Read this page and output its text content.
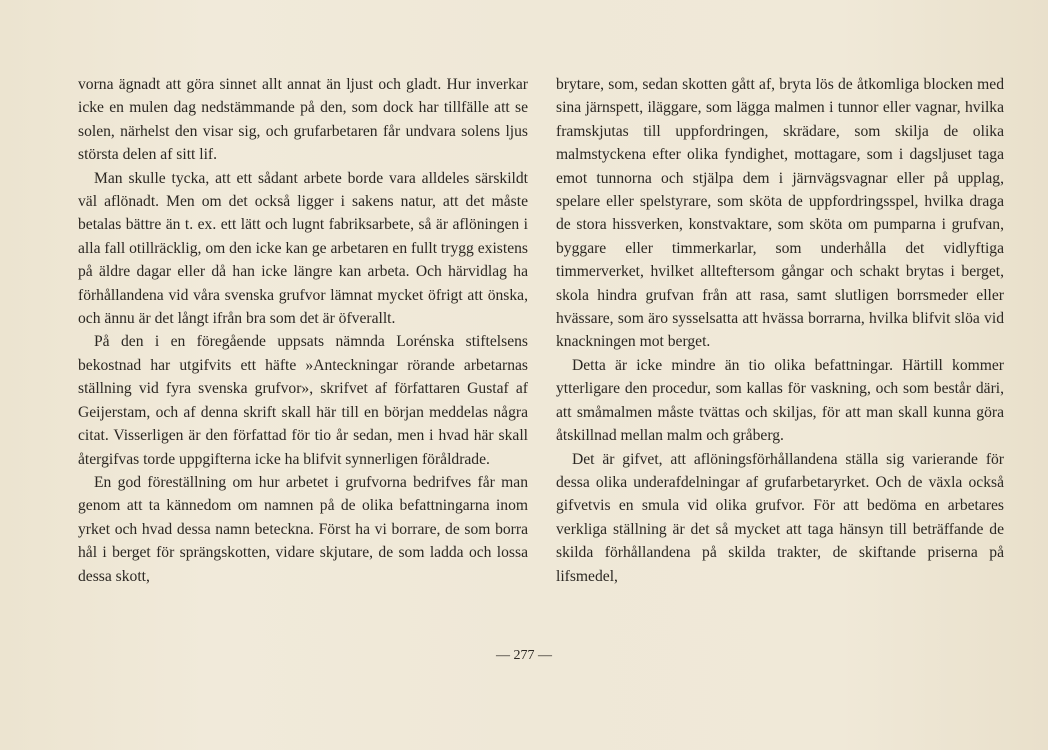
vorna ägnadt att göra sinnet allt annat än ljust och gladt. Hur inverkar icke en mulen dag nedstämmande på den, som dock har tillfälle att se solen, närhelst den visar sig, och grufarbetaren får undvara solens ljus största delen af sitt lif.

Man skulle tycka, att ett sådant arbete borde vara alldeles särskildt väl aflönadt. Men om det också ligger i sakens natur, att det måste betalas bättre än t. ex. ett lätt och lugnt fabriksarbete, så är aflöningen i alla fall otillräcklig, om den icke kan ge arbetaren en fullt trygg existens på äldre dagar eller då han icke längre kan arbeta. Och härvidlag ha förhållandena vid våra svenska grufvor lämnat mycket öfrigt att önska, och ännu är det långt ifrån bra som det är öfverallt.

På den i en föregående uppsats nämnda Lorénska stiftelsens bekostnad har utgifvits ett häfte »Anteckningar rörande arbetarnas ställning vid fyra svenska grufvor», skrifvet af författaren Gustaf af Geijerstam, och af denna skrift skall här till en början meddelas några citat. Visserligen är den författad för tio år sedan, men i hvad här skall återgifvas torde uppgifterna icke ha blifvit synnerligen föråldrade.

En god föreställning om hur arbetet i grufvorna bedrifves får man genom att ta kännedom om namnen på de olika befattningarna inom yrket och hvad dessa namn beteckna. Först ha vi borrare, de som borra hål i berget för sprängskotten, vidare skjutare, de som ladda och lossa dessa skott,

brytare, som, sedan skotten gått af, bryta lös de åtkomliga blocken med sina järnspett, iläggare, som lägga malmen i tunnor eller vagnar, hvilka framskjutas till uppfordringen, skrädare, som skilja de olika malmstyckena efter olika fyndighet, mottagare, som i dagsljuset taga emot tunnorna och stjälpa dem i järnvägsvagnar eller på upplag, spelare eller spelstyrare, som sköta de uppfordringsspel, hvilka draga de stora hissverken, konstvaktare, som sköta om pumparna i grufvan, byggare eller timmerkarlar, som underhålla det vidlyftiga timmerverket, hvilket allteftersom gångar och schakt brytas i berget, skola hindra grufvan från att rasa, samt slutligen borrsmeder eller hvässare, som äro sysselsatta att hvässa borrarna, hvilka blifvit slöa vid knackningen mot berget.

Detta är icke mindre än tio olika befattningar. Härtill kommer ytterligare den procedur, som kallas för vaskning, och som består däri, att småmalmen måste tvättas och skiljas, för att man skall kunna göra åtskillnad mellan malm och gråberg.

Det är gifvet, att aflöningsförhållandena ställa sig varierande för dessa olika underafdelningar af grufarbetaryrket. Och de växla också gifvetvis en smula vid olika grufvor. För att bedöma en arbetares verkliga ställning är det så mycket att taga hänsyn till beträffande de skilda förhållandena på skilda trakter, de skiftande priserna på lifsmedel,

— 277 —
